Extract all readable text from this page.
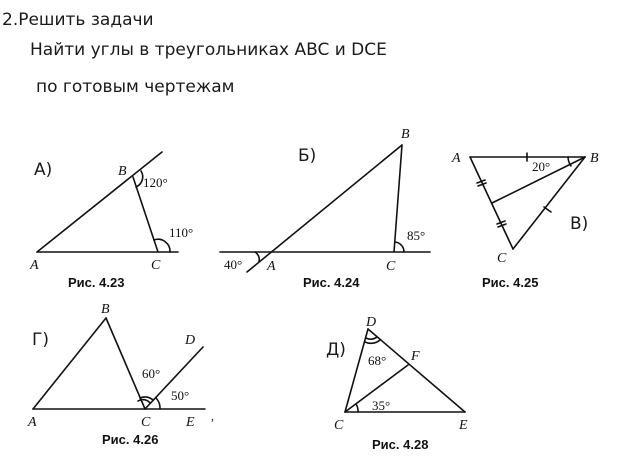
2.Решить задачи
Найти углы в треугольниках ABC и DCE
по готовым чертежам
А)
Б)
В)
Г)	Д)
Рис. 4.23	Рис. 4.24	Рис. 4.25
Рис. 4.26	Рис. 4.28
A
B
C
120°
110°
A
B
C
40°
85°
A	B
C
20°
A
B
C
D
E
60°
50°
D
F
C	E
68°
35°
,
